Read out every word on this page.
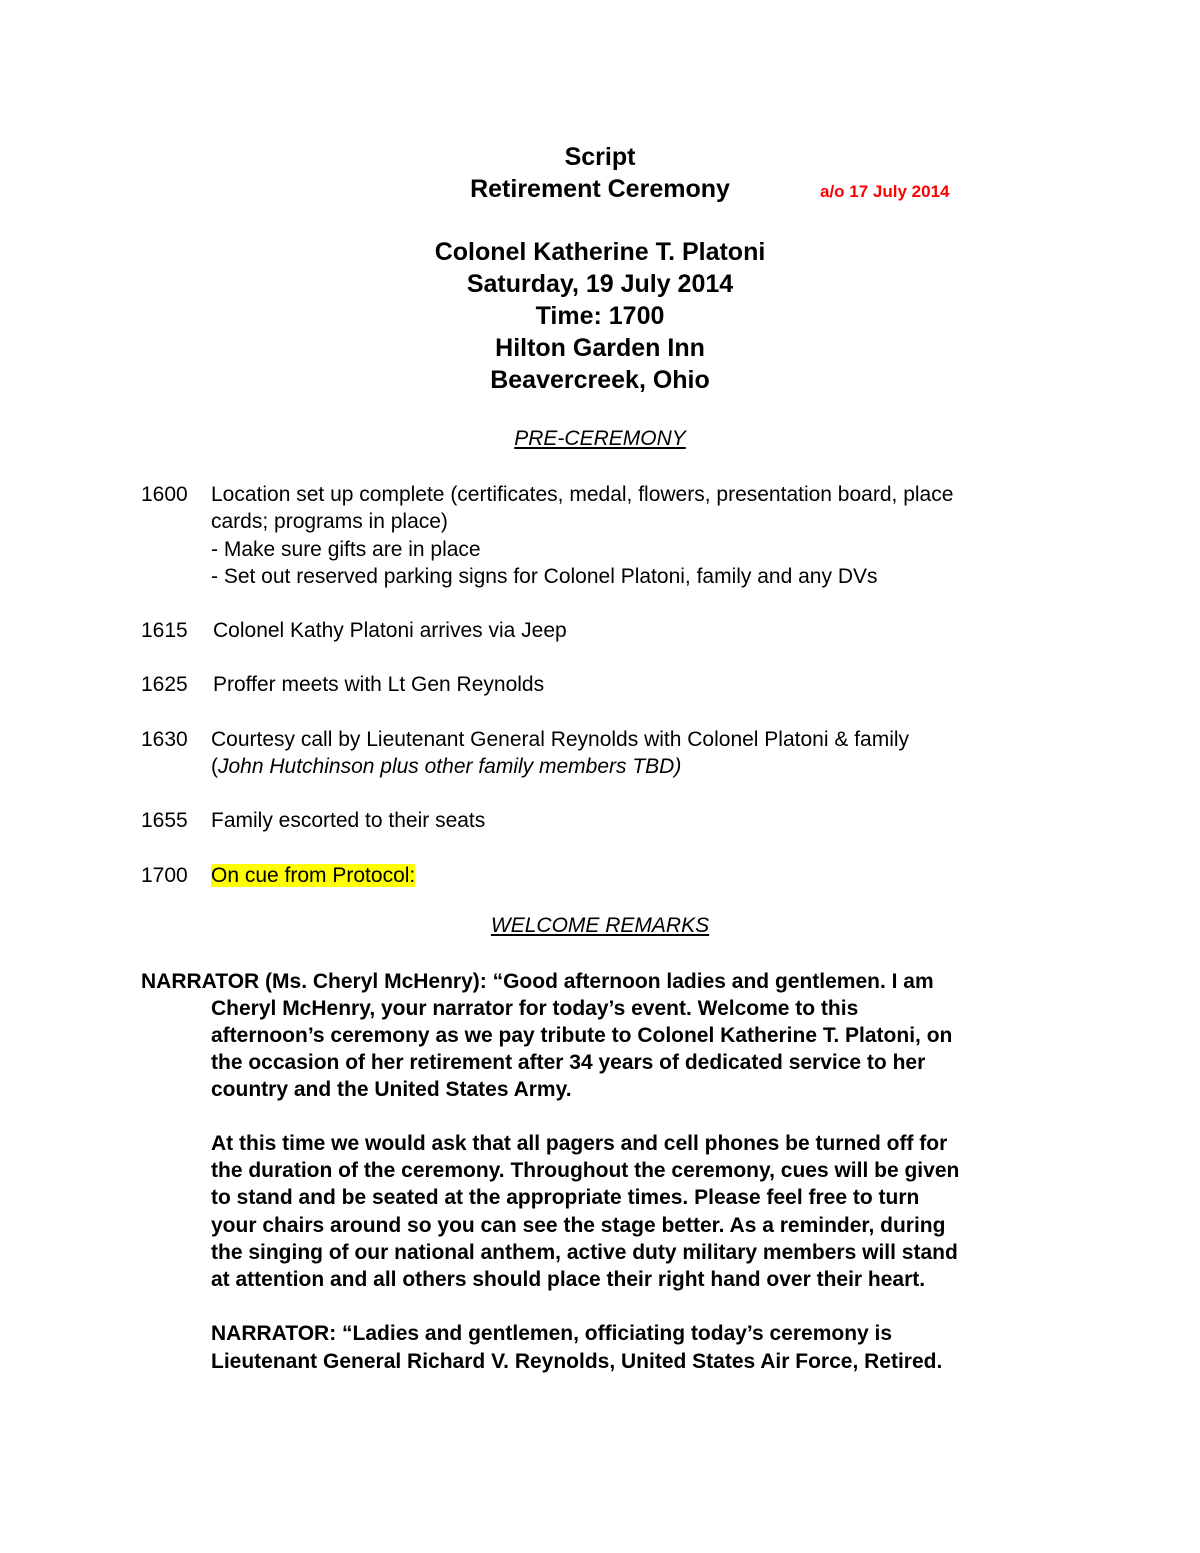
Script
Retirement Ceremony	a/o 17 July 2014
Colonel Katherine T. Platoni
Saturday, 19 July 2014
Time: 1700
Hilton Garden Inn
Beavercreek, Ohio
PRE-CEREMONY
1600 Location set up complete (certificates, medal, flowers, presentation board, place
cards; programs in place)
- Make sure gifts are in place
- Set out reserved parking signs for Colonel Platoni, family and any DVs
1615 Colonel Kathy Platoni arrives via Jeep
1625 Proffer meets with Lt Gen Reynolds
1630 Courtesy call by Lieutenant General Reynolds with Colonel Platoni & family
(John Hutchinson plus other family members TBD)
1655 Family escorted to their seats
1700 On cue from Protocol:
WELCOME REMARKS
NARRATOR (Ms. Cheryl McHenry): “Good afternoon ladies and gentlemen. I am
Cheryl McHenry, your narrator for today’s event. Welcome to this
afternoon’s ceremony as we pay tribute to Colonel Katherine T. Platoni, on
the occasion of her retirement after 34 years of dedicated service to her
country and the United States Army.
At this time we would ask that all pagers and cell phones be turned off for
the duration of the ceremony. Throughout the ceremony, cues will be given
to stand and be seated at the appropriate times. Please feel free to turn
your chairs around so you can see the stage better. As a reminder, during
the singing of our national anthem, active duty military members will stand
at attention and all others should place their right hand over their heart.
NARRATOR: “Ladies and gentlemen, officiating today’s ceremony is
Lieutenant General Richard V. Reynolds, United States Air Force, Retired.
